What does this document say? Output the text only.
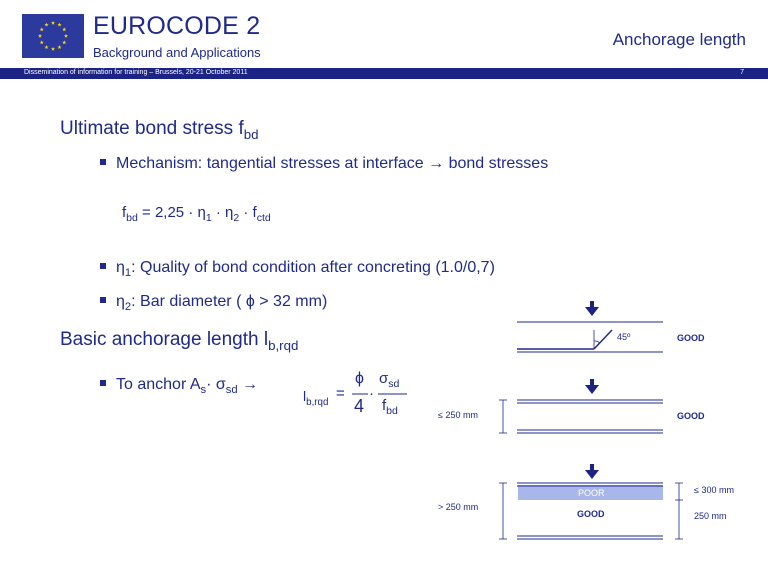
EUROCODE 2
Background and Applications
Anchorage length
Dissemination of information for training – Brussels, 20-21 October 2011	7
Ultimate bond stress $f_{bd}$
Mechanism: tangential stresses at interface → bond stresses
$f_{bd} = 2,25 \cdot \eta_1 \cdot \eta_2 \cdot f_{ctd}$
$\eta_1$: Quality of bond condition after concreting (1.0/0,7)
$\eta_2$: Bar diameter ( ϕ > 32 mm)
Basic anchorage length $l_{b,rqd}$
To anchor $A_s\cdot \sigma_{sd}$ →
$l_{b,rqd}$
=
ϕ
4
·
$\sigma_{sd}$
$f_{bd}$
45º	GOOD
≤ 250 mm	GOOD
POOR
GOOD
> 250 mm
≤ 300 mm
250 mm
